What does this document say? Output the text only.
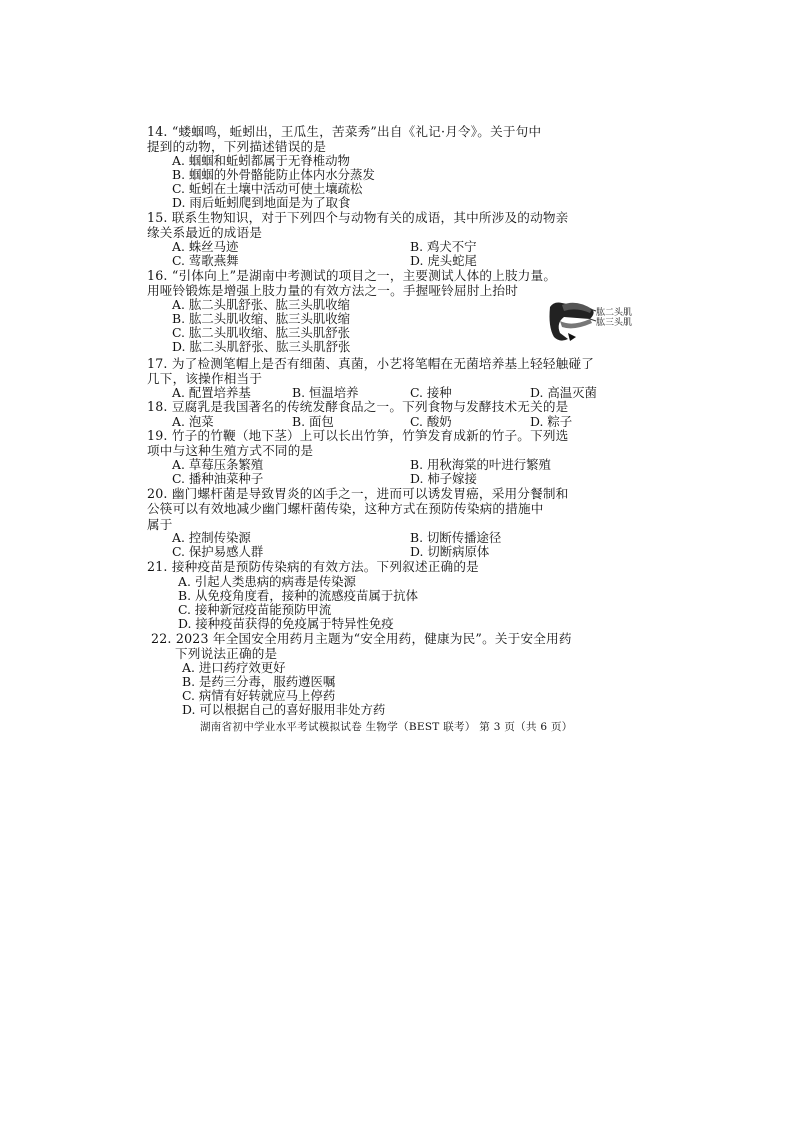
14. “蝼蝈鸣，蚯蚓出，王瓜生，苦菜秀”出自《礼记·月令》。关于句中
提到的动物，下列描述错误的是
A. 蝈蝈和蚯蚓都属于无脊椎动物
B. 蝈蝈的外骨骼能防止体内水分蒸发
C. 蚯蚓在土壤中活动可使土壤疏松
D. 雨后蚯蚓爬到地面是为了取食
15. 联系生物知识，对于下列四个与动物有关的成语，其中所涉及的动物亲
缘关系最近的成语是
A. 蛛丝马迹	B. 鸡犬不宁
C. 莺歌燕舞	D. 虎头蛇尾
16. “引体向上”是湖南中考测试的项目之一，主要测试人体的上肢力量。
用哑铃锻炼是增强上肢力量的有效方法之一。手握哑铃屈肘上抬时
A. 肱二头肌舒张、肱三头肌收缩
B. 肱二头肌收缩、肱三头肌收缩
C. 肱二头肌收缩、肱三头肌舒张
D. 肱二头肌舒张、肱三头肌舒张
肱二头肌
肱三头肌
17. 为了检测笔帽上是否有细菌、真菌，小艺将笔帽在无菌培养基上轻轻触碰了
几下，该操作相当于
A. 配置培养基	B. 恒温培养	C. 接种	D. 高温灭菌
18. 豆腐乳是我国著名的传统发酵食品之一。下列食物与发酵技术无关的是
A. 泡菜	B. 面包	C. 酸奶	D. 粽子
19. 竹子的竹鞭（地下茎）上可以长出竹笋，竹笋发育成新的竹子。下列选
项中与这种生殖方式不同的是
A. 草莓压条繁殖	B. 用秋海棠的叶进行繁殖
C. 播种油菜种子	D. 柿子嫁接
20. 幽门螺杆菌是导致胃炎的凶手之一，进而可以诱发胃癌，采用分餐制和
公筷可以有效地减少幽门螺杆菌传染，这种方式在预防传染病的措施中
属于
A. 控制传染源	B. 切断传播途径
C. 保护易感人群	D. 切断病原体
21. 接种疫苗是预防传染病的有效方法。下列叙述正确的是
A. 引起人类患病的病毒是传染源
B. 从免疫角度看，接种的流感疫苗属于抗体
C. 接种新冠疫苗能预防甲流
D. 接种疫苗获得的免疫属于特异性免疫
22. 2023 年全国安全用药月主题为“安全用药，健康为民”。关于安全用药
下列说法正确的是
A. 进口药疗效更好
B. 是药三分毒，服药遵医嘱
C. 病情有好转就应马上停药
D. 可以根据自己的喜好服用非处方药
湖南省初中学业水平考试模拟试卷 生物学（BEST 联考） 第 3 页（共 6 页）
